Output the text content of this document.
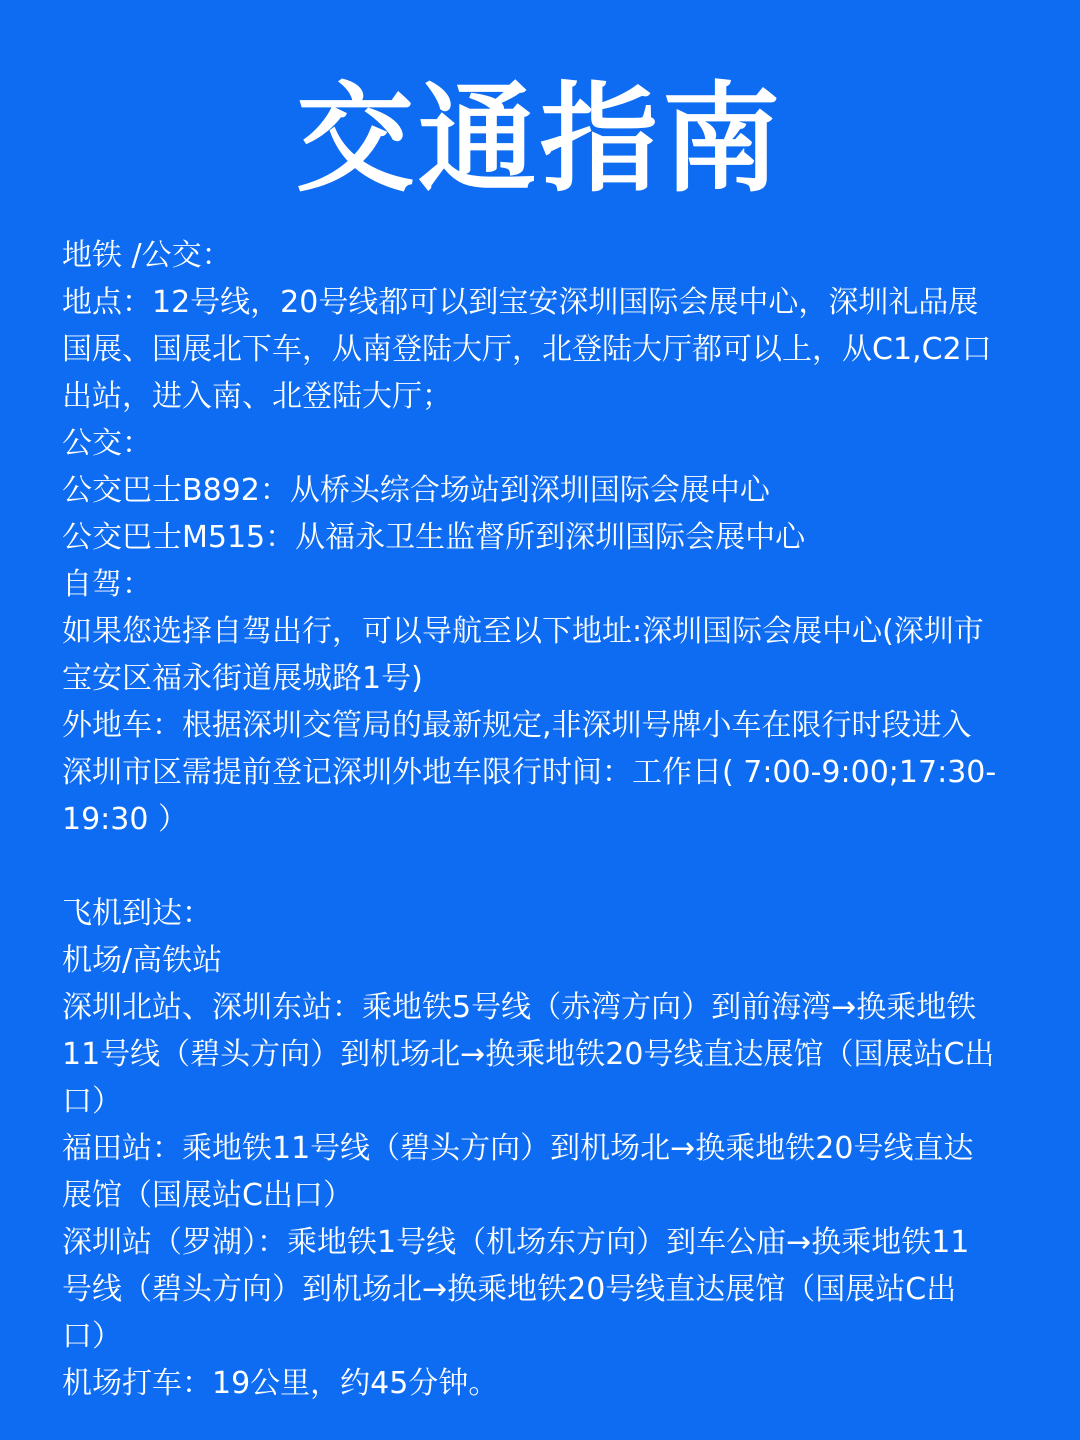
交通指南
地铁 /公交：
地点：12号线，20号线都可以到宝安深圳国际会展中心，深圳礼品展
国展、国展北下车，从南登陆大厅，北登陆大厅都可以上，从C1,C2口
出站，进入南、北登陆大厅；
公交：
公交巴士B892：从桥头综合场站到深圳国际会展中心
公交巴士M515：从福永卫生监督所到深圳国际会展中心
自驾：
如果您选择自驾出行，可以导航至以下地址:深圳国际会展中心(深圳市
宝安区福永街道展城路1号)
外地车：根据深圳交管局的最新规定,非深圳号牌小车在限行时段进入
深圳市区需提前登记深圳外地车限行时间：工作日( 7:00-9:00;17:30-
19:30 ）
飞机到达：
机场/高铁站
深圳北站、深圳东站：乘地铁5号线（赤湾方向）到前海湾→换乘地铁
11号线（碧头方向）到机场北→换乘地铁20号线直达展馆（国展站C出
口）
福田站：乘地铁11号线（碧头方向）到机场北→换乘地铁20号线直达
展馆（国展站C出口）
深圳站（罗湖）：乘地铁1号线（机场东方向）到车公庙→换乘地铁11
号线（碧头方向）到机场北→换乘地铁20号线直达展馆（国展站C出
口）
机场打车：19公里，约45分钟。
